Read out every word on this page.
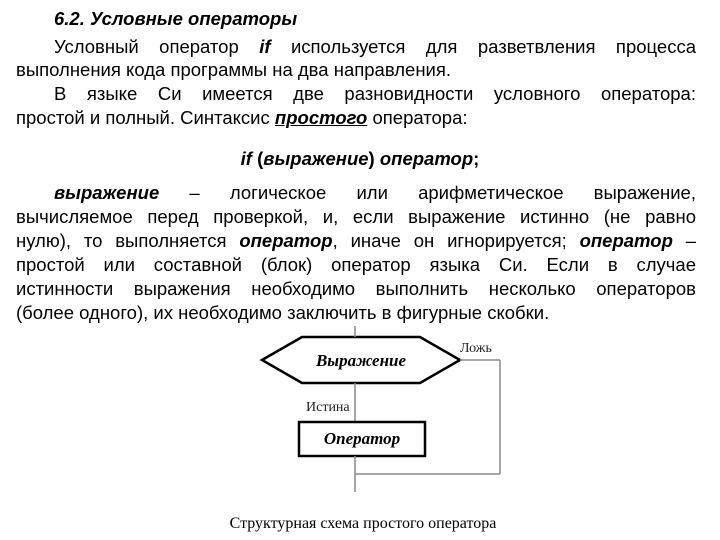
6.2. Условные операторы
Условный оператор if используется для разветвления процесса
выполнения кода программы на два направления.
В языке Си имеется две разновидности условного оператора:
простой и полный. Синтаксис простого оператора:
if (выражение) оператор;
выражение – логическое или арифметическое выражение,
вычисляемое перед проверкой, и, если выражение истинно (не равно
нулю), то выполняется оператор, иначе он игнорируется; оператор –
простой или составной (блок) оператор языка Си. Если в случае
истинности выражения необходимо выполнить несколько операторов
(более одного), их необходимо заключить в фигурные скобки.
Выражение
Ложь
Истина
Оператор
Структурная схема простого оператора
